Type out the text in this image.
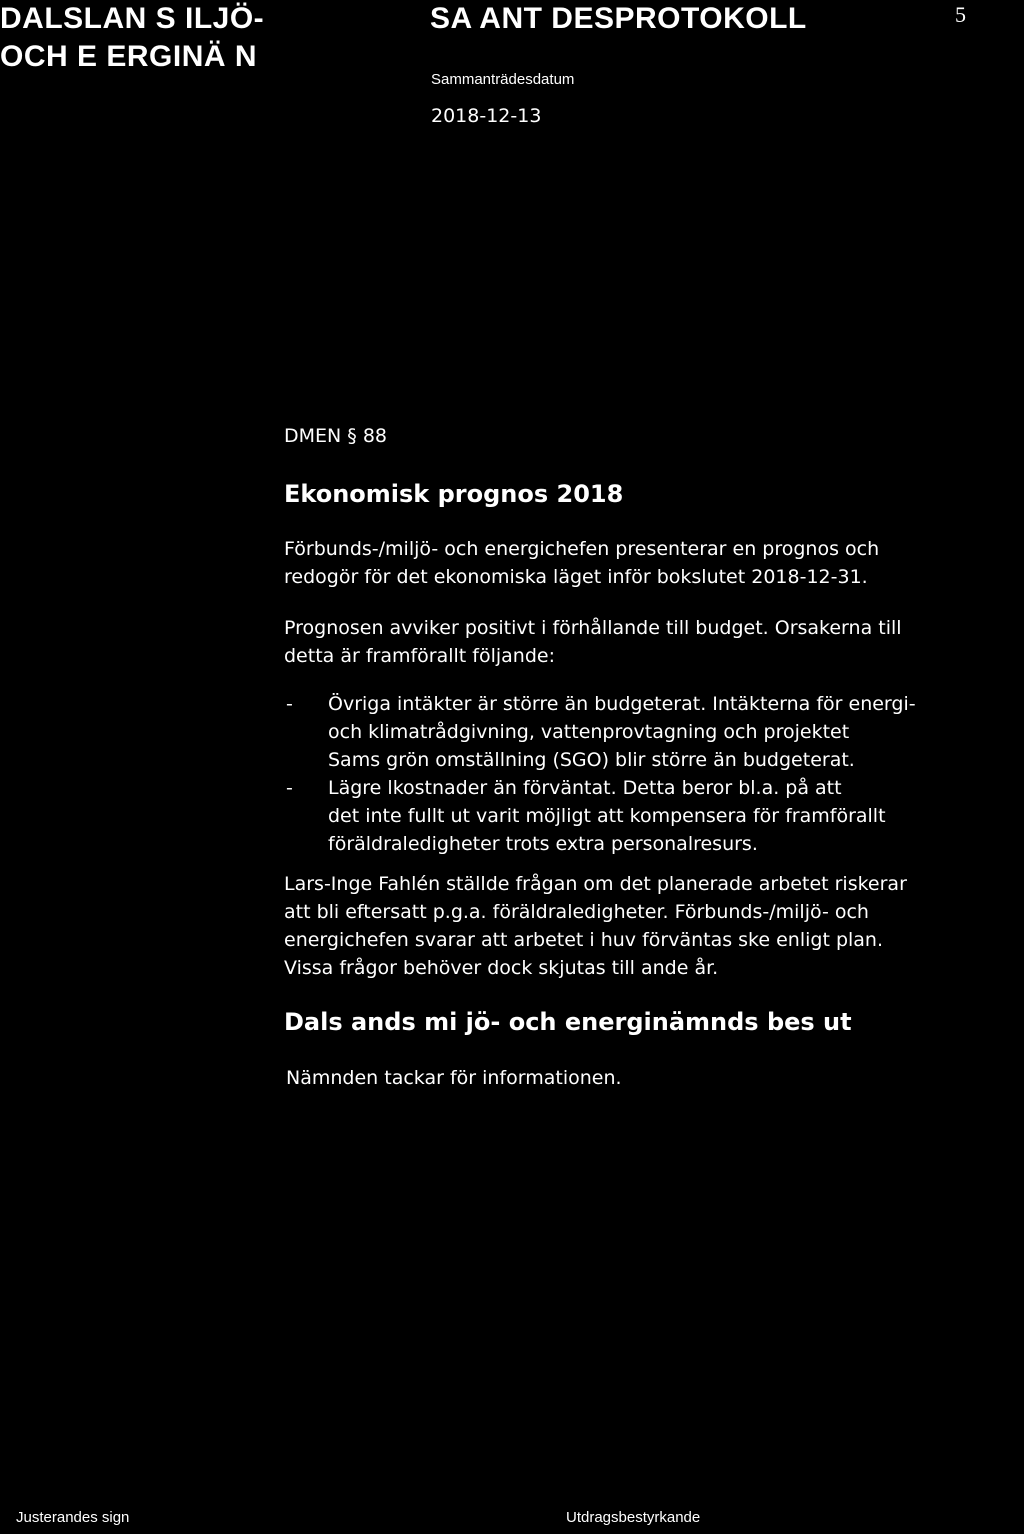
DALSLAN S ILJÖ-
OCH E ERGINÄ N
SA ANT DESPROTOKOLL	5
Sammanträdesdatum
2018-12-13
DMEN § 88
Ekonomisk prognos 2018

Förbunds-/miljö- och energichefen presenterar en prognos och

redogör för det ekonomiska läget inför bokslutet 2018-12-31.

Prognosen avviker positivt i förhållande till budget. Orsakerna till

detta är framförallt följande:

- Övriga intäkter är större än budgeterat. Intäkterna för energi-
och klimatrådgivning, vattenprovtagning och projektet
Sams grön omställning (SGO) blir större än budgeterat.
- Lägre lkostnader än förväntat. Detta beror bl.a. på att
det inte fullt ut varit möjligt att kompensera för framförallt
föräldraledigheter trots extra personalresurs.

Lars-Inge Fahlén ställde frågan om det planerade arbetet riskerar

att bli eftersatt p.g.a. föräldraledigheter. Förbunds-/miljö- och

energichefen svarar att arbetet i huv förväntas ske enligt plan.

Vissa frågor behöver dock skjutas till ande år.

Dals ands mi jö- och energinämnds bes ut
Nämnden tackar för informationen.
Justerandes sign	Utdragsbestyrkande
